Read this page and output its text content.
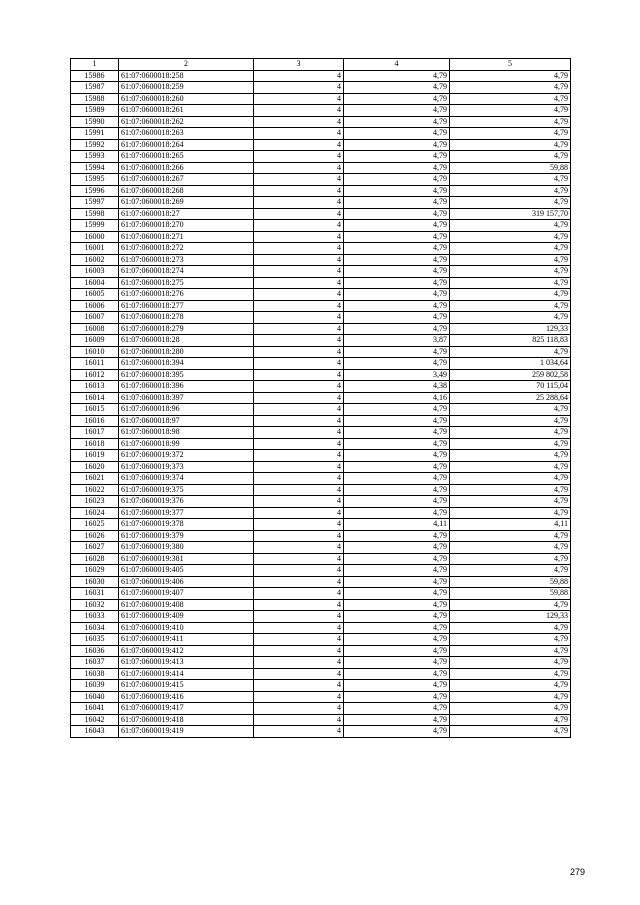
1	2	3	4	5
15986	61:07:0600018:258	4	4,79	4,79
15987	61:07:0600018:259	4	4,79	4,79
15988	61:07:0600018:260	4	4,79	4,79
15989	61:07:0600018:261	4	4,79	4,79
15990	61:07:0600018:262	4	4,79	4,79
15991	61:07:0600018:263	4	4,79	4,79
15992	61:07:0600018:264	4	4,79	4,79
15993	61:07:0600018:265	4	4,79	4,79
15994	61:07:0600018:266	4	4,79	59,88
15995	61:07:0600018:267	4	4,79	4,79
15996	61:07:0600018:268	4	4,79	4,79
15997	61:07:0600018:269	4	4,79	4,79
15998	61:07:0600018:27	4	4,79	319 157,70
15999	61:07:0600018:270	4	4,79	4,79
16000	61:07:0600018:271	4	4,79	4,79
16001	61:07:0600018:272	4	4,79	4,79
16002	61:07:0600018:273	4	4,79	4,79
16003	61:07:0600018:274	4	4,79	4,79
16004	61:07:0600018:275	4	4,79	4,79
16005	61:07:0600018:276	4	4,79	4,79
16006	61:07:0600018:277	4	4,79	4,79
16007	61:07:0600018:278	4	4,79	4,79
16008	61:07:0600018:279	4	4,79	129,33
16009	61:07:0600018:28	4	3,87	825 118,83
16010	61:07:0600018:280	4	4,79	4,79
16011	61:07:0600018:394	4	4,79	1 034,64
16012	61:07:0600018:395	4	3,49	259 802,58
16013	61:07:0600018:396	4	4,38	70 115,04
16014	61:07:0600018:397	4	4,16	25 288,64
16015	61:07:0600018:96	4	4,79	4,79
16016	61:07:0600018:97	4	4,79	4,79
16017	61:07:0600018:98	4	4,79	4,79
16018	61:07:0600018:99	4	4,79	4,79
16019	61:07:0600019:372	4	4,79	4,79
16020	61:07:0600019:373	4	4,79	4,79
16021	61:07:0600019:374	4	4,79	4,79
16022	61:07:0600019:375	4	4,79	4,79
16023	61:07:0600019:376	4	4,79	4,79
16024	61:07:0600019:377	4	4,79	4,79
16025	61:07:0600019:378	4	4,11	4,11
16026	61:07:0600019:379	4	4,79	4,79
16027	61:07:0600019:380	4	4,79	4,79
16028	61:07:0600019:381	4	4,79	4,79
16029	61:07:0600019:405	4	4,79	4,79
16030	61:07:0600019:406	4	4,79	59,88
16031	61:07:0600019:407	4	4,79	59,88
16032	61:07:0600019:408	4	4,79	4,79
16033	61:07:0600019:409	4	4,79	129,33
16034	61:07:0600019:410	4	4,79	4,79
16035	61:07:0600019:411	4	4,79	4,79
16036	61:07:0600019:412	4	4,79	4,79
16037	61:07:0600019:413	4	4,79	4,79
16038	61:07:0600019:414	4	4,79	4,79
16039	61:07:0600019:415	4	4,79	4,79
16040	61:07:0600019:416	4	4,79	4,79
16041	61:07:0600019:417	4	4,79	4,79
16042	61:07:0600019:418	4	4,79	4,79
16043	61:07:0600019:419	4	4,79	4,79
279
